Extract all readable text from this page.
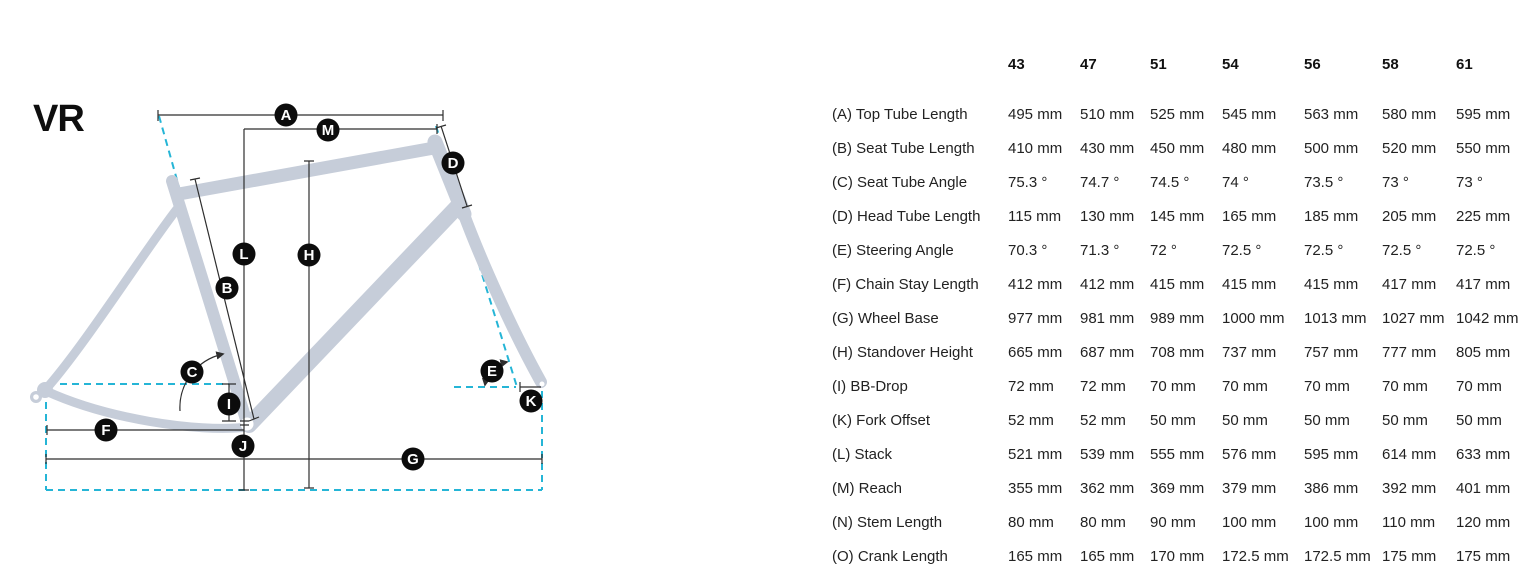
VR	A
M
D
L	H
B
C	E
I	K
F
J
G
43	47	51	54	56	58	61
(A) Top Tube Length	495 mm	510 mm	525 mm	545 mm	563 mm	580 mm	595 mm
(B) Seat Tube Length	410 mm	430 mm	450 mm	480 mm	500 mm	520 mm	550 mm
(C) Seat Tube Angle	75.3 °	74.7 °	74.5 °	74 °	73.5 °	73 °	73 °
(D) Head Tube Length	115 mm	130 mm	145 mm	165 mm	185 mm	205 mm	225 mm
(E) Steering Angle	70.3 °	71.3 °	72 °	72.5 °	72.5 °	72.5 °	72.5 °
(F) Chain Stay Length	412 mm	412 mm	415 mm	415 mm	415 mm	417 mm	417 mm
(G) Wheel Base	977 mm	981 mm	989 mm	1000 mm	1013 mm	1027 mm 1042 mm
(H) Standover Height	665 mm	687 mm	708 mm	737 mm	757 mm	777 mm	805 mm
(I) BB-Drop	72 mm	72 mm	70 mm	70 mm	70 mm	70 mm	70 mm
(K) Fork Offset	52 mm	52 mm	50 mm	50 mm	50 mm	50 mm	50 mm
(L) Stack	521 mm	539 mm	555 mm	576 mm	595 mm	614 mm	633 mm
(M) Reach	355 mm	362 mm	369 mm	379 mm	386 mm	392 mm	401 mm
(N) Stem Length	80 mm	80 mm	90 mm	100 mm	100 mm	110 mm	120 mm
(O) Crank Length	165 mm	165 mm	170 mm	172.5 mm	172.5 mm 175 mm	175 mm
